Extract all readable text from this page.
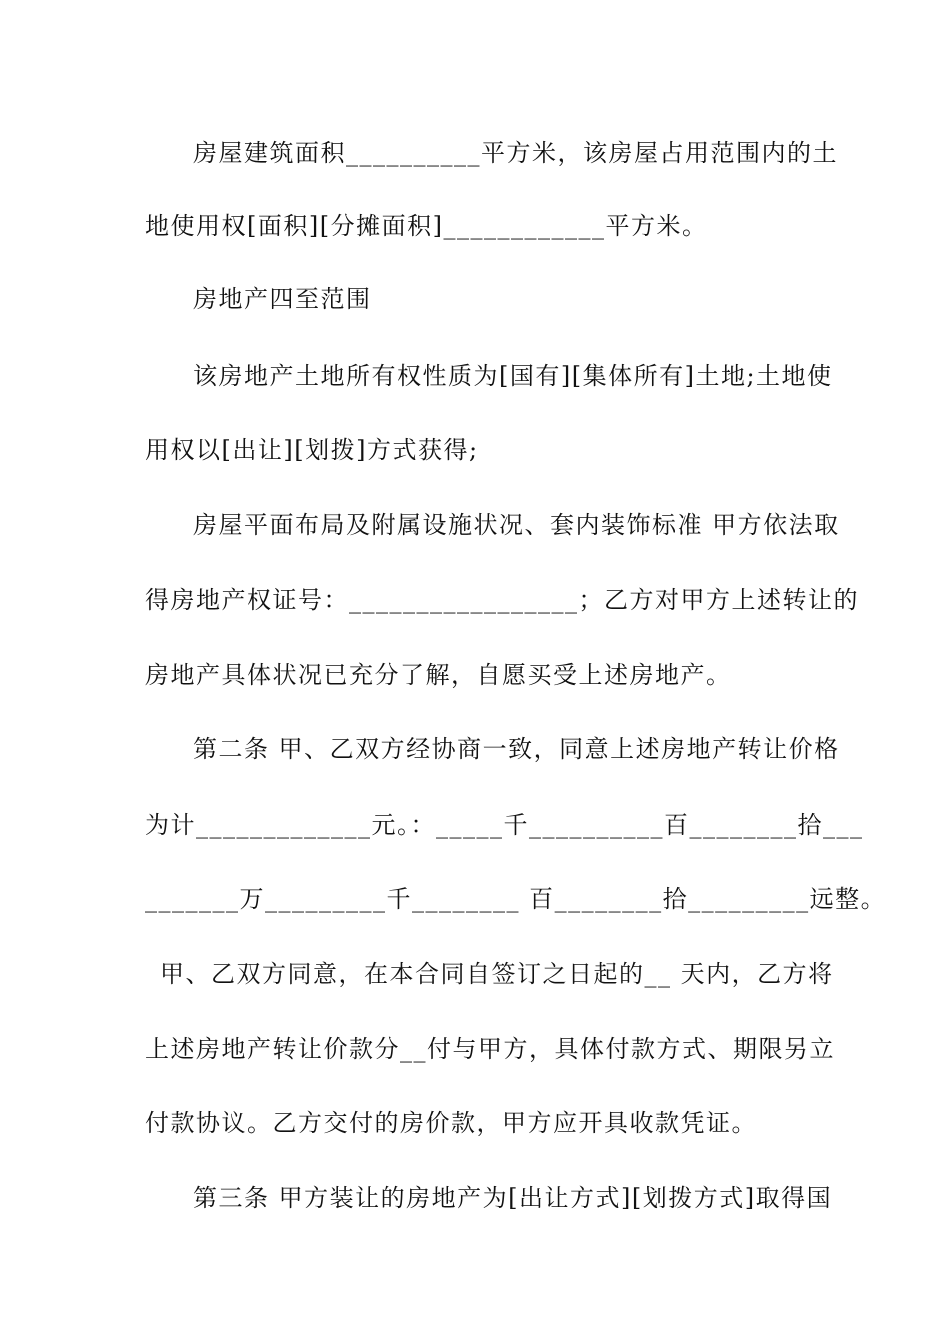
房屋建筑面积__________平方米，该房屋占用范围内的土
地使用权[面积][分摊面积]____________平方米。
房地产四至范围
该房地产土地所有权性质为[国有][集体所有]土地;土地使
用权以[出让][划拨]方式获得;
房屋平面布局及附属设施状况、套内装饰标准 甲方依法取
得房地产权证号：_________________；乙方对甲方上述转让的
房地产具体状况已充分了解，自愿买受上述房地产。
第二条 甲、乙双方经协商一致，同意上述房地产转让价格
为计_____________元。：_____千__________百________拾___
_______万_________千________ 百________拾_________远整。
甲、乙双方同意，在本合同自签订之日起的__ 天内，乙方将
上述房地产转让价款分__付与甲方，具体付款方式、期限另立
付款协议。乙方交付的房价款，甲方应开具收款凭证。
第三条 甲方装让的房地产为[出让方式][划拨方式]取得国
